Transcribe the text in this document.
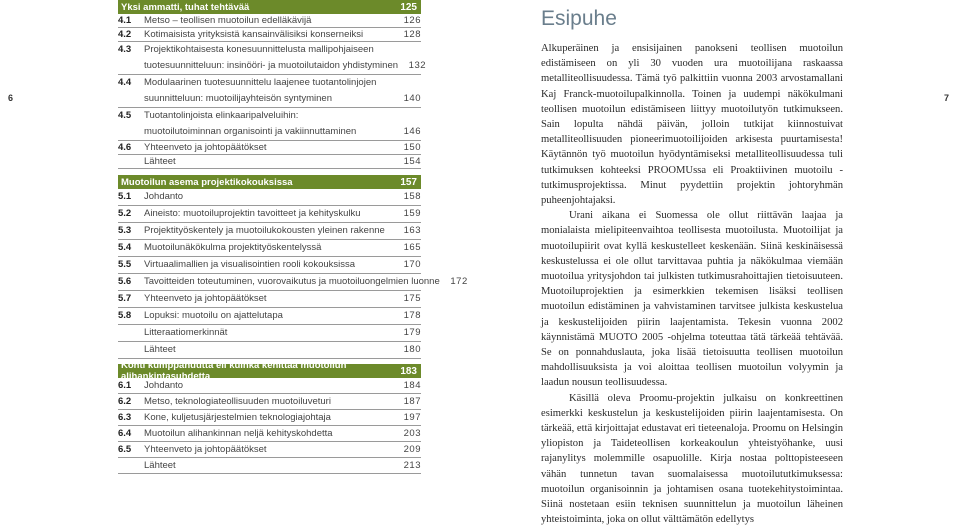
6	7
Yksi ammatti, tuhat tehtävää	125
4.1	Metso – teollisen muotoilun edelläkävijä	126
4.2	Kotimaisista yrityksistä kansainvälisiksi konserneiksi	128
4.3 Projektikohtaisesta konesuunnittelusta mallipohjaiseen
tuotesuunnitteluun: insinööri- ja muotoilutaidon yhdistyminen	132
4.4 Modulaarinen tuotesuunnittelu laajenee tuotantolinjojen
suunnitteluun: muotoilijayhteisön syntyminen	140
4.5 Tuotantolinjoista elinkaaripalveluihin:
muotoilutoiminnan organisointi ja vakiinnuttaminen	146
4.6	Yhteenveto ja johtopäätökset	150
Lähteet	154
Muotoilun asema projektikokouksissa	157
5.1	Johdanto	158
5.2	Aineisto: muotoiluprojektin tavoitteet ja kehityskulku	159
5.3	Projektityöskentely ja muotoilukokousten yleinen rakenne	163
5.4	Muotoilunäkökulma projektityöskentelyssä	165
5.5	Virtuaalimallien ja visualisointien rooli kokouksissa	170
5.6	Tavoitteiden toteutuminen, vuorovaikutus ja muotoiluongelmien luonne	172
5.7	Yhteenveto ja johtopäätökset	175
5.8	Lopuksi: muotoilu on ajattelutapa	178
Litteraatiomerkinnät	179
Lähteet	180
Kohti kumppanuutta eli kuinka kehittää muotoilun alihankintasuhdetta	183
6.1	Johdanto	184
6.2	Metso, teknologiateollisuuden muotoiluveturi	187
6.3	Kone, kuljetusjärjestelmien teknologiajohtaja	197
6.4	Muotoilun alihankinnan neljä kehityskohdetta	203
6.5	Yhteenveto ja johtopäätökset	209
Lähteet	213
Esipuhe

Alkuperäinen ja ensisijainen panokseni teollisen muotoilun edistämiseen on yli 30 vuoden ura muotoilijana raskaassa metalliteollisuudessa. Tämä työ palkittiin vuonna 2003 arvostamallani Kaj Franck-muotoilupalkinnolla. Toinen ja uudempi näkökulmani teollisen muotoilun edistämiseen liittyy muotoilutyön tutkimukseen. Sain lopulta nähdä päivän, jolloin tutkijat kiinnostuivat metalliteollisuuden pioneerimuotoilijoiden arkisesta puurtamisesta! Käytännön työ muotoilun hyödyntämiseksi metalliteollisuudessa tuli tutkimuksen kohteeksi PROOMUssa eli Proaktiivinen muotoilu -tutkimusprojektissa. Minut pyydettiin projektin johtoryhmän puheenjohtajaksi.

Urani aikana ei Suomessa ole ollut riittävän laajaa ja monialaista mielipiteenvaihtoa teollisesta muotoilusta. Muotoilijat ja muotoilupiirit ovat kyllä keskustelleet keskenään. Siinä keskinäisessä keskustelussa ei ole ollut tarvittavaa puhtia ja näkökulmaa viemään muotoilua yritysjohdon tai julkisten tutkimusrahoittajien tietoisuuteen. Muotoiluprojektien ja esimerkkien tekemisen lisäksi teollisen muotoilun edistäminen ja vahvistaminen tarvitsee julkista keskustelua ja keskustelijoiden piirin laajentamista. Tekesin vuonna 2002 käynnistämä MUOTO 2005 -ohjelma toteuttaa tätä tärkeää tehtävää. Se on ponnahduslauta, joka lisää tietoisuutta teollisen muotoilun mahdollisuuksista ja voi aloittaa teollisen muotoilun volyymin ja laadun nousun teollisuudessa.

Käsillä oleva Proomu-projektin julkaisu on konkreettinen esimerkki keskustelun ja keskustelijoiden piirin laajentamisesta. On tärkeää, että kirjoittajat edustavat eri tieteenaloja. Proomu on Helsingin yliopiston ja Taideteollisen korkeakoulun yhteistyöhanke, uusi rajanylitys molemmille osapuolille. Kirja nostaa polttopisteeseen vähän tunnetun tavan suomalaisessa muotoilututkimuksessa: muotoilun organisoinnin ja johtamisen osana tuotekehitystoimintaa. Siinä nostetaan esiin teknisen suunnittelun ja muotoilun läheinen yhteistoiminta, joka on ollut välttämätön edellytys
